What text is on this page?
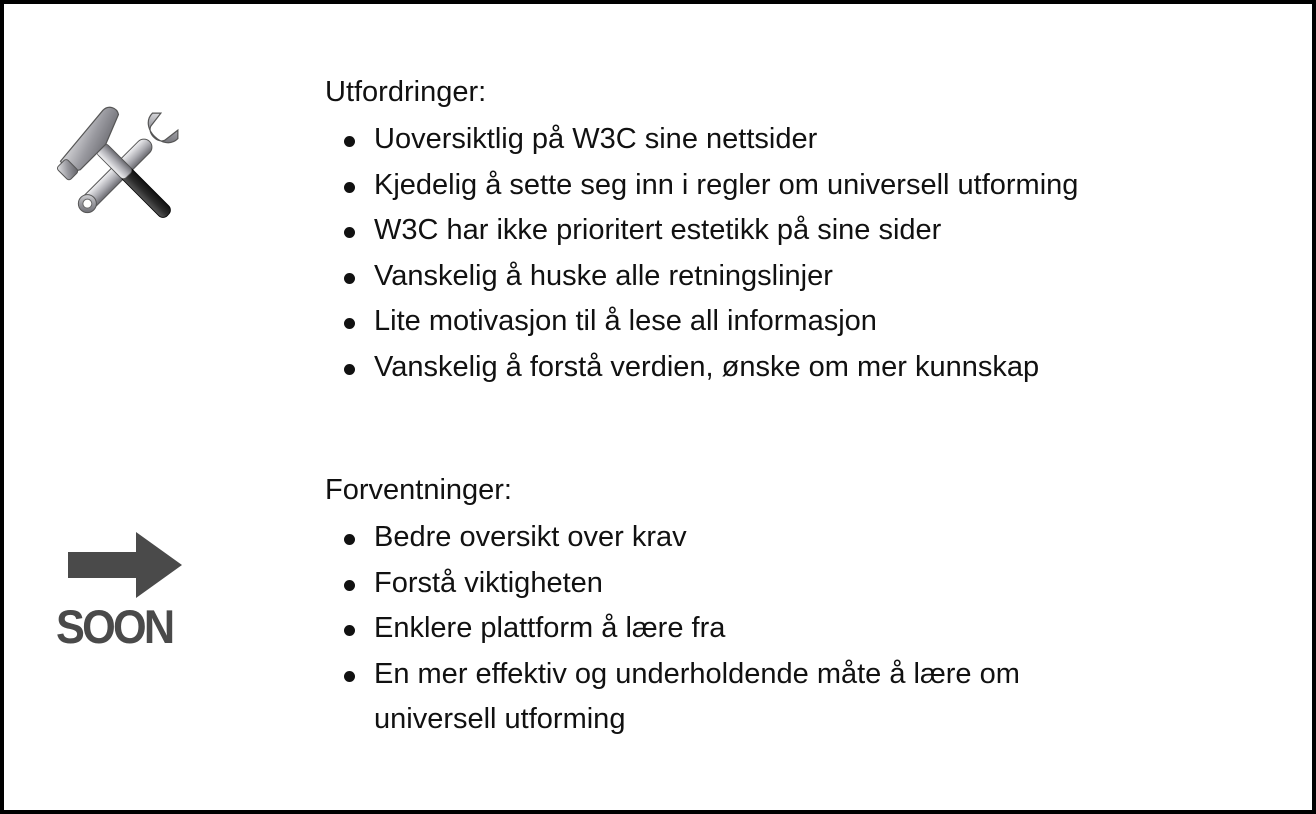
Utfordringer:
Uoversiktlig på W3C sine nettsider
Kjedelig å sette seg inn i regler om universell utforming
W3C har ikke prioritert estetikk på sine sider
Vanskelig å huske alle retningslinjer
Lite motivasjon til å lese all informasjon
Vanskelig å forstå verdien, ønske om mer kunnskap
SOON
Forventninger:
Bedre oversikt over krav
Forstå viktigheten
Enklere plattform å lære fra
En mer effektiv og underholdende måte å lære om
universell utforming
